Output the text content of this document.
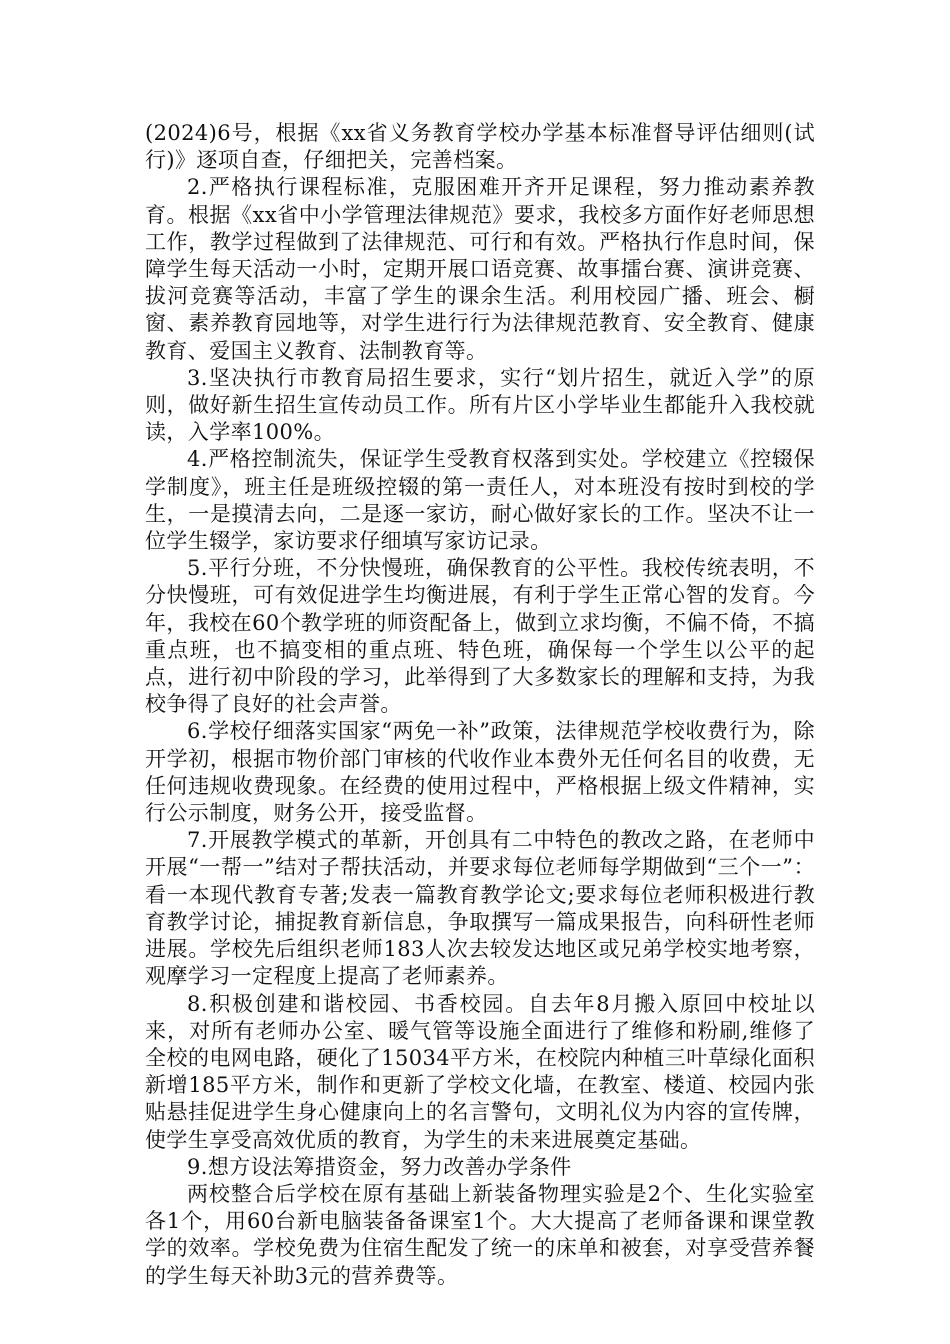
(2024)6号，根据《xx省义务教育学校办学基本标准督导评估细则(试行)》逐项自查，仔细把关，完善档案。

2.严格执行课程标准，克服困难开齐开足课程，努力推动素养教育。根据《xx省中小学管理法律规范》要求，我校多方面作好老师思想工作，教学过程做到了法律规范、可行和有效。严格执行作息时间，保障学生每天活动一小时，定期开展口语竞赛、故事擂台赛、演讲竞赛、拔河竞赛等活动，丰富了学生的课余生活。利用校园广播、班会、橱窗、素养教育园地等，对学生进行行为法律规范教育、安全教育、健康教育、爱国主义教育、法制教育等。

3.坚决执行市教育局招生要求，实行“划片招生，就近入学”的原则，做好新生招生宣传动员工作。所有片区小学毕业生都能升入我校就读，入学率100%。

4.严格控制流失，保证学生受教育权落到实处。学校建立《控辍保学制度》，班主任是班级控辍的第一责任人，对本班没有按时到校的学生，一是摸清去向，二是逐一家访，耐心做好家长的工作。坚决不让一位学生辍学，家访要求仔细填写家访记录。

5.平行分班，不分快慢班，确保教育的公平性。我校传统表明，不分快慢班，可有效促进学生均衡进展，有利于学生正常心智的发育。今年，我校在60个教学班的师资配备上，做到立求均衡，不偏不倚，不搞重点班，也不搞变相的重点班、特色班，确保每一个学生以公平的起点，进行初中阶段的学习，此举得到了大多数家长的理解和支持，为我校争得了良好的社会声誉。

6.学校仔细落实国家“两免一补”政策，法律规范学校收费行为，除开学初，根据市物价部门审核的代收作业本费外无任何名目的收费，无任何违规收费现象。在经费的使用过程中，严格根据上级文件精神，实行公示制度，财务公开，接受监督。

7.开展教学模式的革新，开创具有二中特色的教改之路，在老师中开展“一帮一”结对子帮扶活动，并要求每位老师每学期做到“三个一”：看一本现代教育专著;发表一篇教育教学论文;要求每位老师积极进行教育教学讨论，捕捉教育新信息，争取撰写一篇成果报告，向科研性老师进展。学校先后组织老师183人次去较发达地区或兄弟学校实地考察，观摩学习一定程度上提高了老师素养。

8.积极创建和谐校园、书香校园。自去年8月搬入原回中校址以来，对所有老师办公室、暖气管等设施全面进行了维修和粉刷,维修了全校的电网电路，硬化了15034平方米，在校院内种植三叶草绿化面积新增185平方米，制作和更新了学校文化墙，在教室、楼道、校园内张贴悬挂促进学生身心健康向上的名言警句，文明礼仪为内容的宣传牌，使学生享受高效优质的教育，为学生的未来进展奠定基础。

9.想方设法筹措资金，努力改善办学条件

两校整合后学校在原有基础上新装备物理实验是2个、生化实验室各1个，用60台新电脑装备备课室1个。大大提高了老师备课和课堂教学的效率。学校免费为住宿生配发了统一的床单和被套，对享受营养餐的学生每天补助3元的营养费等。
